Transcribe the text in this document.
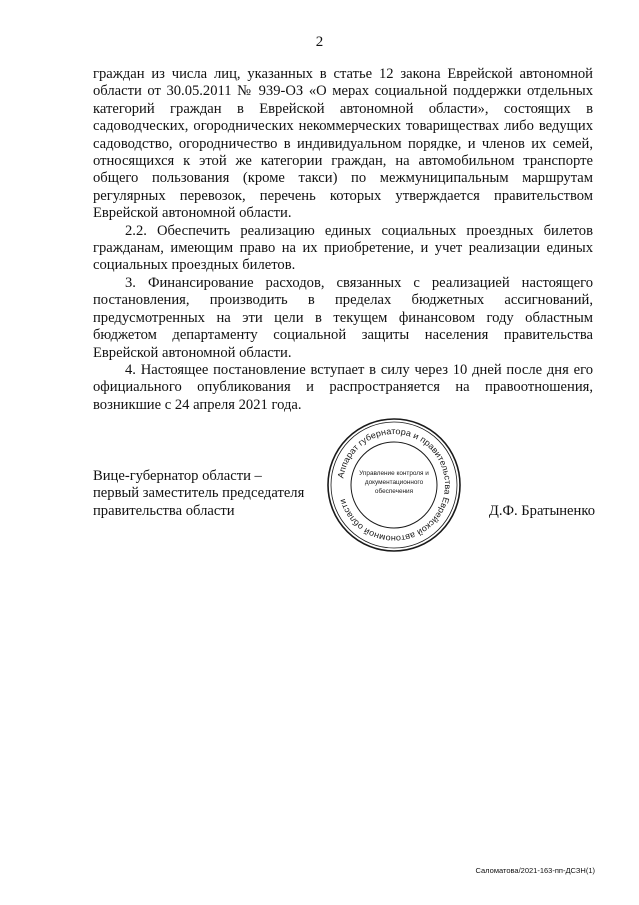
2

граждан из числа лиц, указанных в статье 12 закона Еврейской автономной области от 30.05.2011 № 939-ОЗ «О мерах социальной поддержки отдельных категорий граждан в Еврейской автономной области», состоящих в садоводческих, огороднических некоммерческих товариществах либо ведущих садоводство, огородничество в индивидуальном порядке, и членов их семей, относящихся к этой же категории граждан, на автомобильном транспорте общего пользования (кроме такси) по межмуниципальным маршрутам регулярных перевозок, перечень которых утверждается правительством Еврейской автономной области.

2.2. Обеспечить реализацию единых социальных проездных билетов гражданам, имеющим право на их приобретение, и учет реализации единых социальных проездных билетов.

3. Финансирование расходов, связанных с реализацией настоящего постановления, производить в пределах бюджетных ассигнований, предусмотренных на эти цели в текущем финансовом году областным бюджетом департаменту социальной защиты населения правительства Еврейской автономной области.

4. Настоящее постановление вступает в силу через 10 дней после дня его официального опубликования и распространяется на правоотношения, возникшие с 24 апреля 2021 года.

Вице-губернатор области –
первый заместитель председателя
правительства области
Аппарат губернатора и правительства Еврейской автономной области
Управление контроля и
документационного
обеспечения
Д.Ф. Братыненко
Саломатова/2021-163-пп-ДСЗН(1)
